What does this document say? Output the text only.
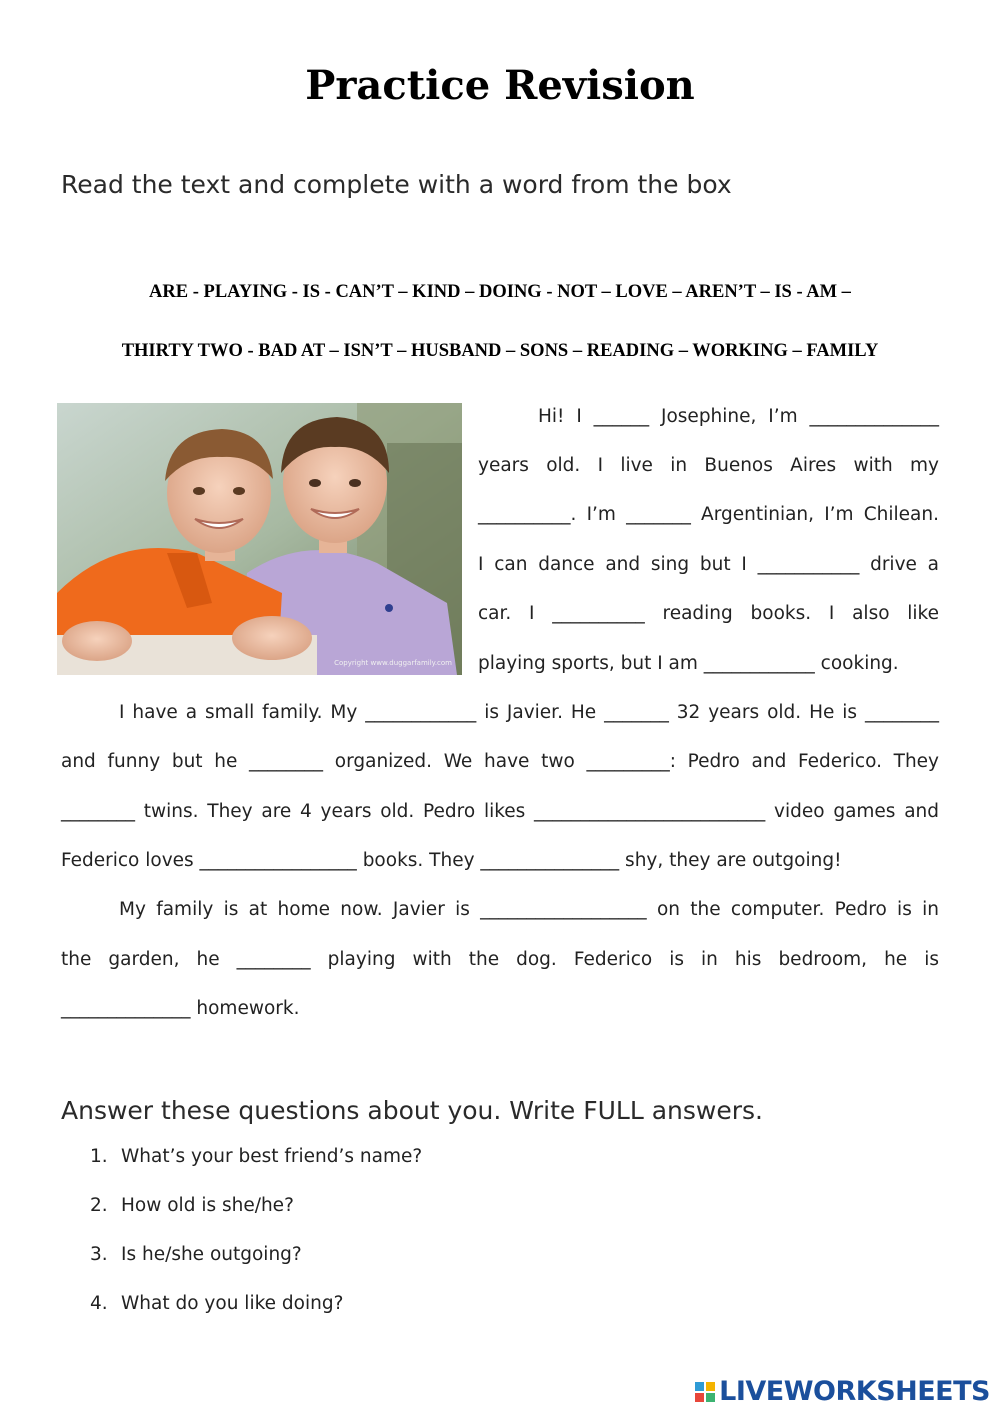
Practice Revision
Read the text and complete with a word from the box
ARE - PLAYING - IS - CAN’T – KIND – DOING - NOT – LOVE – AREN’T – IS - AM –
THIRTY TWO - BAD AT – ISN’T – HUSBAND – SONS – READING – WORKING – FAMILY
Copyright www.duggarfamily.com
Hi! I ______ Josephine, I’m ______________
years old. I live in Buenos Aires with my
__________. I’m _______ Argentinian, I’m Chilean.
I can dance and sing but I ___________ drive a
car. I __________ reading books. I also like
playing sports, but I am ____________ cooking.
I have a small family. My ____________ is Javier. He _______ 32 years old. He is ________
and funny but he ________ organized. We have two _________: Pedro and Federico. They
________ twins. They are 4 years old. Pedro likes _________________________ video games and
Federico loves _________________ books. They _______________ shy, they are outgoing!
My family is at home now. Javier is __________________ on the computer. Pedro is in
the garden, he ________ playing with the dog. Federico is in his bedroom, he is
______________ homework.
Answer these questions about you. Write FULL answers.
1. What’s your best friend’s name?
2. How old is she/he?
3. Is he/she outgoing?
4. What do you like doing?
LIVEWORKSHEETS
